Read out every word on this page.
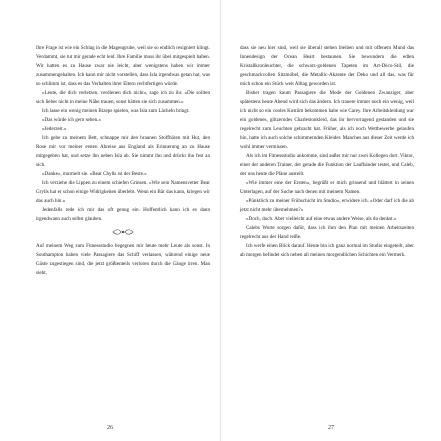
Ihre Frage ist wie ein Schlag in die Magengrube, weil sie so endlich resigniert klingt. Verdammt, sie tut mir gerade echt leid. Ihre Familie muss ihr übel mitgespielt haben. Wir hatten es zu Hause zwar nie leicht, aber wenigstens haben wir immer zusammengehalten. Ich kann mir nicht vorstellen, dass Isla irgendwas getan hat, was so schlimm ist, dass es das Verhalten ihrer Eltern rechtfertigen würde.

»Leute, die dich verletzen, verdienen dich nicht«, sage ich zu ihr. »Die sollten sich lieber nicht in meine Nähe trauen, sonst hätten sie sich zusammen.«

Ich lasse ein wenig meinen Bizeps spielen, was Isla zum Lächeln bringt.

»Das würde ich gern sehen.«

»Jederzeit.«

Ich gehe zu meinem Bett, schnappe mir den braunen Stoffbären mit Hut, den Rose mir vor meiner ersten Abreise aus England als Erinnerung an zu Hause mitgegeben hat, und setze ihn neben Isla ab. Sie nimmt ihn und drückt ihn fest an sich.

»Danke«, murmelt sie. »Bear Chylls ist der Beste.«

Ich verziehe die Lippen zu einem schiefen Grinsen. »Wie sein Namensvetter Bear Grylls hat er schon einige Widrigkeiten überlebt. Wenn ein Bär das kann, kriegen wir das auch hin.«

Jedenfalls rede ich mir das oft genug ein. Hoffentlich kann ich es dann irgendwann auch selbst glauben.

Auf meinem Weg zum Fitnessstudio begegnen mir heute mehr Leute als sonst. In Southampton haben viele Passagiere das Schiff verlassen, während einige neue Gäste zugestiegen sind, die jetzt größtenteils verloren durch die Gänge irren. Man sieht,

26

dass sie neu hier sind, weil sie überall stehen bleiben und mit offenem Mund das Innendesign der Ocean Heart bestaunen. Sie bewundern die edlen Kristallkronleuchter, die schwarz-goldenen Tapeten im Art-Déco-Stil, die geschmackvollen Sitzmöbel, die Metallic-Akzente der Deko und all das, was für mich schon ein Stück weit Alltag geworden ist.

Bisher tragen kaum Passagiere die Mode der Goldenen Zwanziger, aber spätestens heute Abend wird sich das ändern. Ich trauere immer noch ein wenig, weil ich nicht so ein cooles Kostüm bekommen habe wie Carey. Ihre Arbeitskleidung war ein goldenes, glitzerndes Charlestonkleid, das ihr hervorragend gestanden und sie regelrecht zum Leuchten gebracht hat. Früher, als ich noch Wettbewerbe gelaufen bin, hatte ich auch solche schimmernden Kleider. Manches aus dieser Zeit werde ich wohl immer vermissen.

Als ich im Fitnessstudio ankomme, sind außer mir nur zwei Kollegen dort. Viktor, einer der anderen Trainer, der gerade die Funktion der Laufbänder testet, und Caleb, der uns heute die Pläne austeilt.

»Wie immer eine der Ersten«, begrüßt er mich grinsend und blättert in seinen Unterlagen, auf der Suche nach denen mit meinem Namen.

»Pünktlich zu meiner Frühschicht im Studio«, erwidere ich. »Oder darf ich die ab jetzt nicht mehr übernehmen?«

»Doch, doch. Aber vielleicht auf eine etwas andere Weise, als du denkst.«

Calebs Worte sorgen dafür, dass ich ihm den Plan mit meinen Arbeitszeiten regelrecht aus der Hand reiße.

Ich werfe einen Blick darauf. Heute bin ich ganz normal im Studio eingeteilt, aber ab morgen befindet sich neben all meinen morgendlichen Schichten ein Vermerk.

27
